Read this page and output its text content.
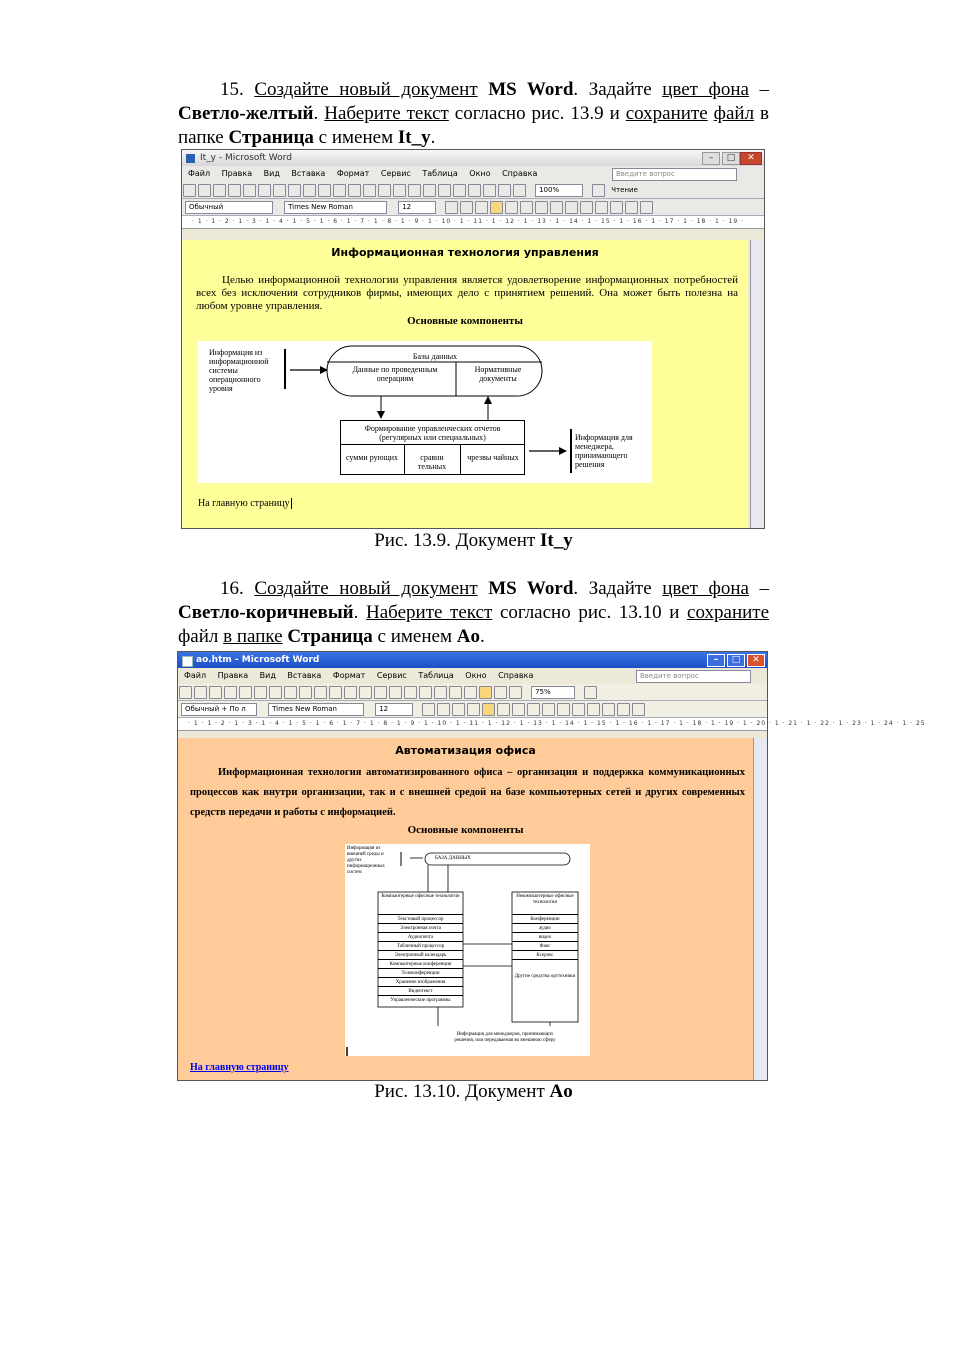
15. Создайте новый документ MS Word. Задайте цвет фона – Светло-желтый. Наберите текст согласно рис. 13.9 и сохраните файл в папке Страница с именем It_y.
It_y - Microsoft Word	–	□	✕
Файл Правка Вид Вставка Формат Сервис Таблица Окно Справка	Введите вопрос
100%	$^{Чтение}$
Обычный	Times New Roman	12
· 1 · 1 · 2 · 1 · 3 · 1 · 4 · 1 · 5 · 1 · 6 · 1 · 7 · 1 · 8 · 1 · 9 · 1 · 10 · 1 · 11 · 1 · 12 · 1 · 13 · 1 · 14 · 1 · 15 · 1 · 16 · 1 · 17 · 1 · 18 · 1 · 19 ·
Информационная технология управления
Целью информационной технологии управления является удовлетворение информационных потребностей всех без исключения сотрудников фирмы, имеющих дело с принятием решений. Она может быть полезна на любом уровне управления.
Основные компоненты
Информация из информационной системы операционного уровня
Базы данных
Данные по проведенным операциям
Нормативные документы
Формирование управленческих отчетов (регулярных или специальных)
сумми рующих	сравни тельных
чрезвы чайных
Информация для менеджера, принимающего решения
На главную страницу
Рис. 13.9. Документ It_y
16. Создайте новый документ MS Word. Задайте цвет фона – Светло-коричневый. Наберите текст согласно рис. 13.10 и сохраните файл в папке Страница с именем Ao.
ao.htm - Microsoft Word	–	□	✕
Файл Правка Вид Вставка Формат Сервис Таблица Окно Справка	Введите вопрос
75%
Обычный + По л	Times New Roman	12
· 1 · 1 · 2 · 1 · 3 · 1 · 4 · 1 · 5 · 1 · 6 · 1 · 7 · 1 · 8 · 1 · 9 · 1 · 10 · 1 · 11 · 1 · 12 · 1 · 13 · 1 · 14 · 1 · 15 · 1 · 16 · 1 · 17 · 1 · 18 · 1 · 19 · 1 · 20 · 1 · 21 · 1 · 22 · 1 · 23 · 1 · 24 · 1 · 25
Автоматизация офиса
Информационная технология автоматизированного офиса – организация и поддержка коммуникационных процессов как внутри организации, так и с внешней средой на базе компьютерных сетей и других современных средств передачи и работы с информацией.
Основные компоненты
Информация из внешней среды и других информационных систем
БАЗА ДАННЫХ
Компьютерные офисные технологии
Текстовый процессор
Электронная почта
Аудиопочта
Табличный процессор
Электронный календарь
Компьютерные конференции
Телеконференции
Хранение изображения
Видеотекст
Управленческие программы
Некомпьютерные офисные технологии
Конференции
аудио
видео
Факс
Ксерокс
Другие средства оргтехники
Информация для менеджеров, принимающих решения, или передаваемая во внешнюю сферу
На главную страницу
Рис. 13.10. Документ Ao
